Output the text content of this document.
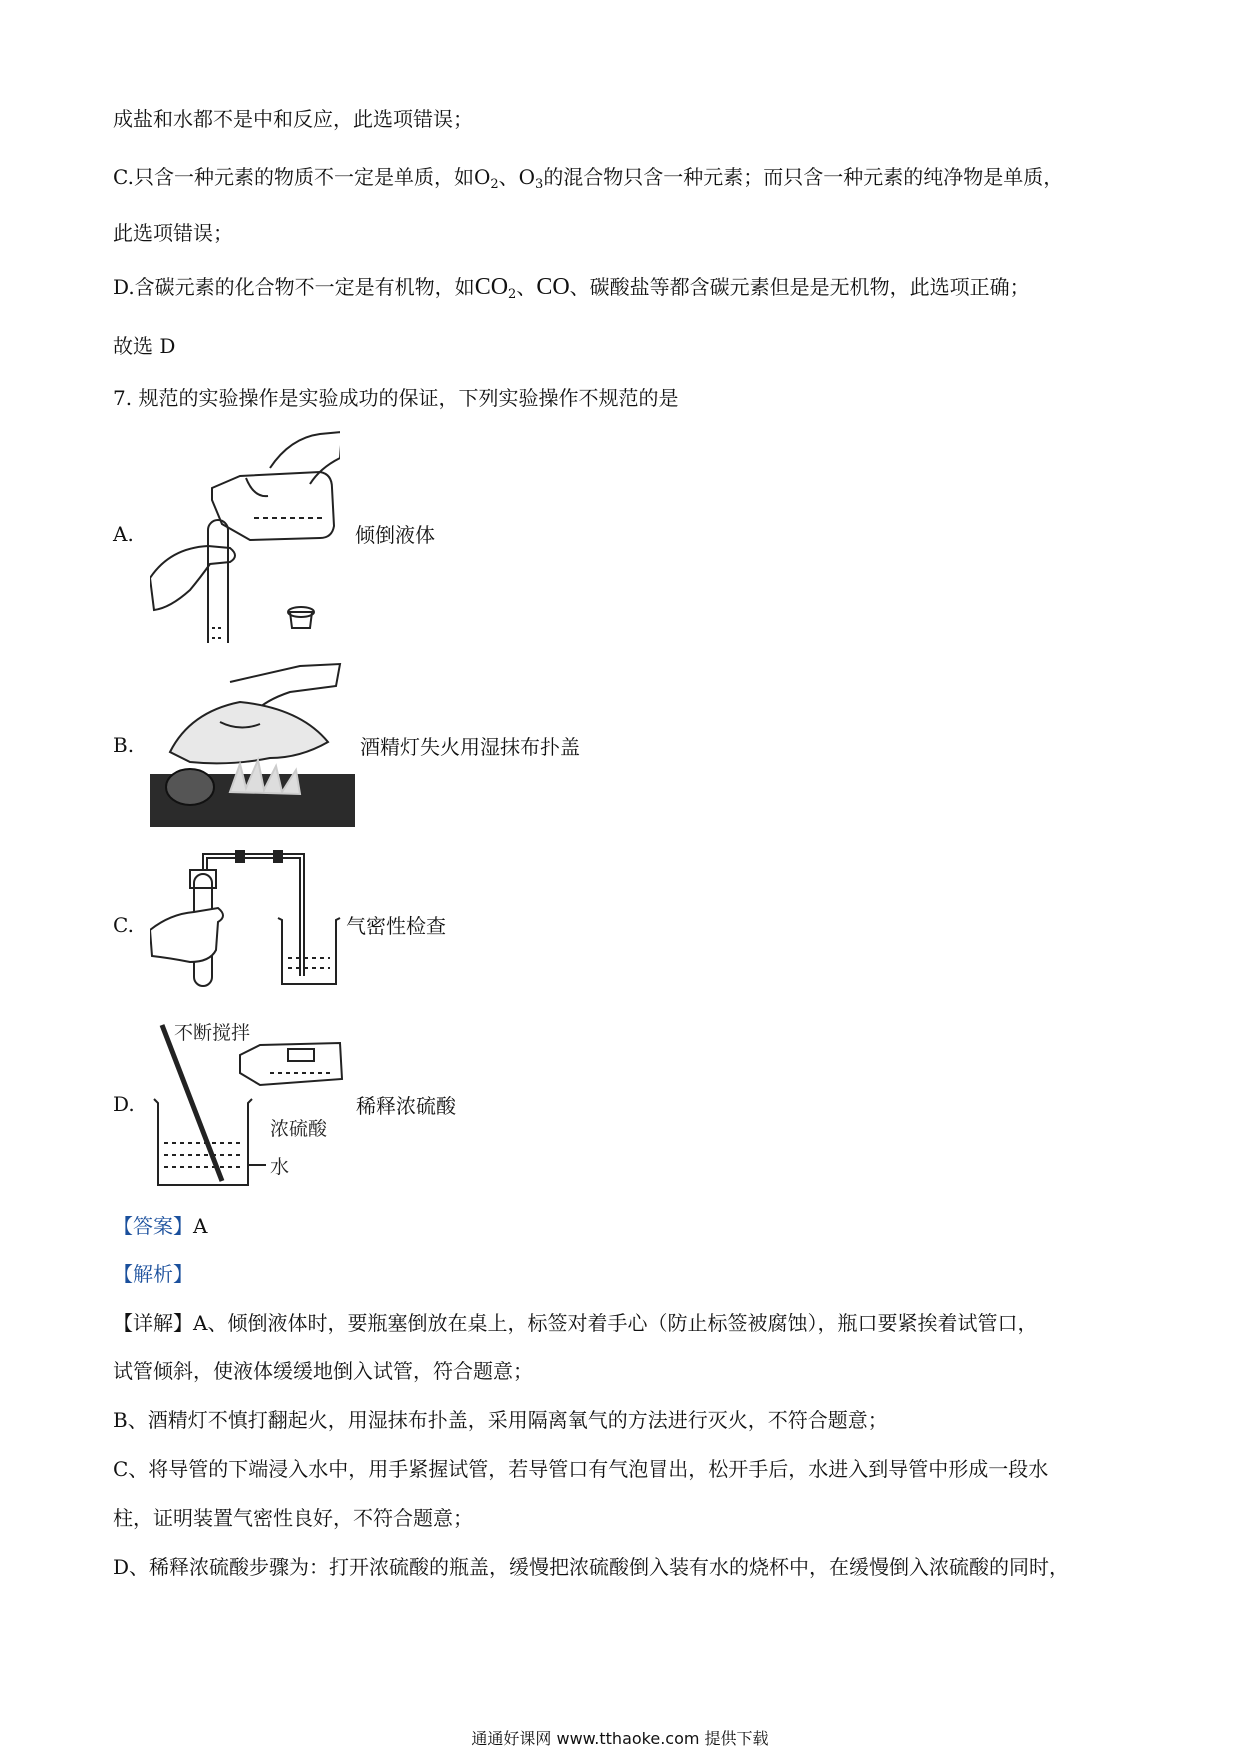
成盐和水都不是中和反应，此选项错误；
C.只含一种元素的物质不一定是单质，如$O_2$、$O_3$的混合物只含一种元素；而只含一种元素的纯净物是单质，
此选项错误；
D.含碳元素的化合物不一定是有机物，如$CO_2$、CO、碳酸盐等都含碳元素但是是无机物，此选项正确；
故选 D
7. 规范的实验操作是实验成功的保证，下列实验操作不规范的是
A.	倾倒液体
B.	酒精灯失火用湿抹布扑盖
C.	气密性检查
D.
不断搅拌
浓硫酸
水
稀释浓硫酸
【答案】A
【解析】
【详解】A、倾倒液体时，要瓶塞倒放在桌上，标签对着手心（防止标签被腐蚀），瓶口要紧挨着试管口，
试管倾斜，使液体缓缓地倒入试管，符合题意；
B、酒精灯不慎打翻起火，用湿抹布扑盖，采用隔离氧气的方法进行灭火，不符合题意；
C、将导管的下端浸入水中，用手紧握试管，若导管口有气泡冒出，松开手后，水进入到导管中形成一段水
柱，证明装置气密性良好，不符合题意；
D、稀释浓硫酸步骤为：打开浓硫酸的瓶盖，缓慢把浓硫酸倒入装有水的烧杯中，在缓慢倒入浓硫酸的同时，
通通好课网 www.tthaoke.com 提供下载
